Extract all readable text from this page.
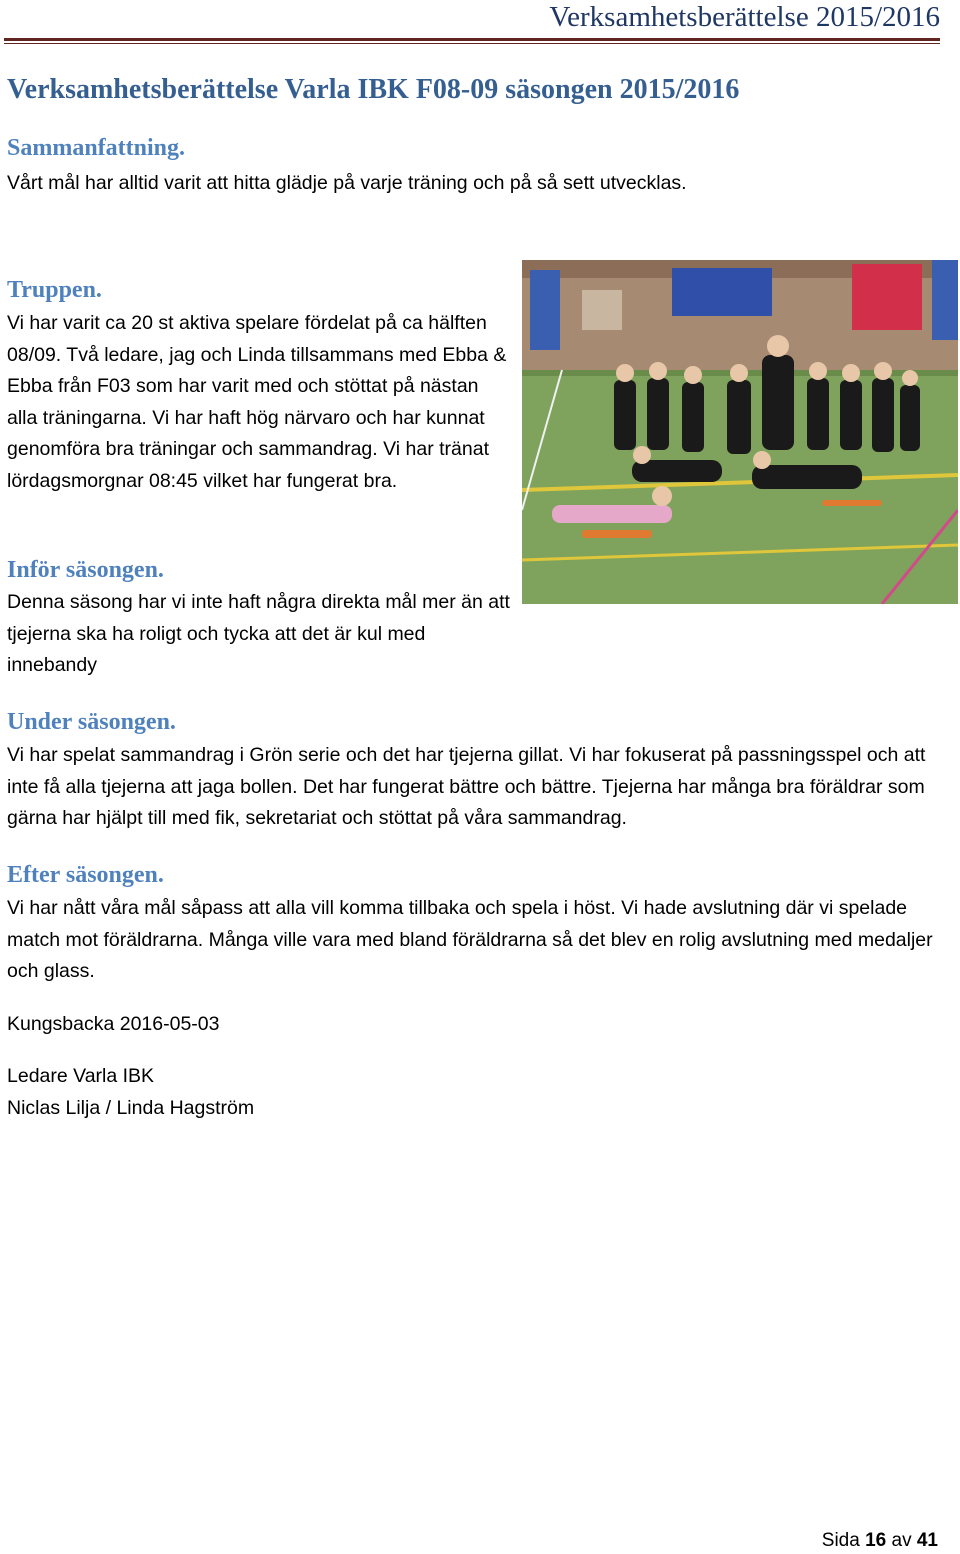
Verksamhetsberättelse 2015/2016
Verksamhetsberättelse Varla IBK F08-09 säsongen 2015/2016
Sammanfattning.

Vårt mål har alltid varit att hitta glädje på varje träning och på så sett utvecklas.

Truppen.

Vi har varit ca 20 st aktiva spelare fördelat på ca hälften 08/09. Två ledare, jag och Linda tillsammans med Ebba & Ebba från F03 som har varit med och stöttat på nästan alla träningarna. Vi har haft hög närvaro och har kunnat genomföra bra träningar och sammandrag. Vi har tränat lördagsmorgnar 08:45 vilket har fungerat bra.

Inför säsongen.

Denna säsong har vi inte haft några direkta mål mer än att tjejerna ska ha roligt och tycka att det är kul med innebandy

Under säsongen.

Vi har spelat sammandrag i Grön serie och det har tjejerna gillat. Vi har fokuserat på passningsspel och att inte få alla tjejerna att jaga bollen. Det har fungerat bättre och bättre. Tjejerna har många bra föräldrar som gärna har hjälpt till med fik, sekretariat och stöttat på våra sammandrag.

Efter säsongen.

Vi har nått våra mål såpass att alla vill komma tillbaka och spela i höst. Vi hade avslutning där vi spelade match mot föräldrarna. Många ville vara med bland föräldrarna så det blev en rolig avslutning med medaljer och glass.

Kungsbacka 2016-05-03

Ledare Varla IBK

Niclas Lilja / Linda Hagström

Sida 16 av 41
